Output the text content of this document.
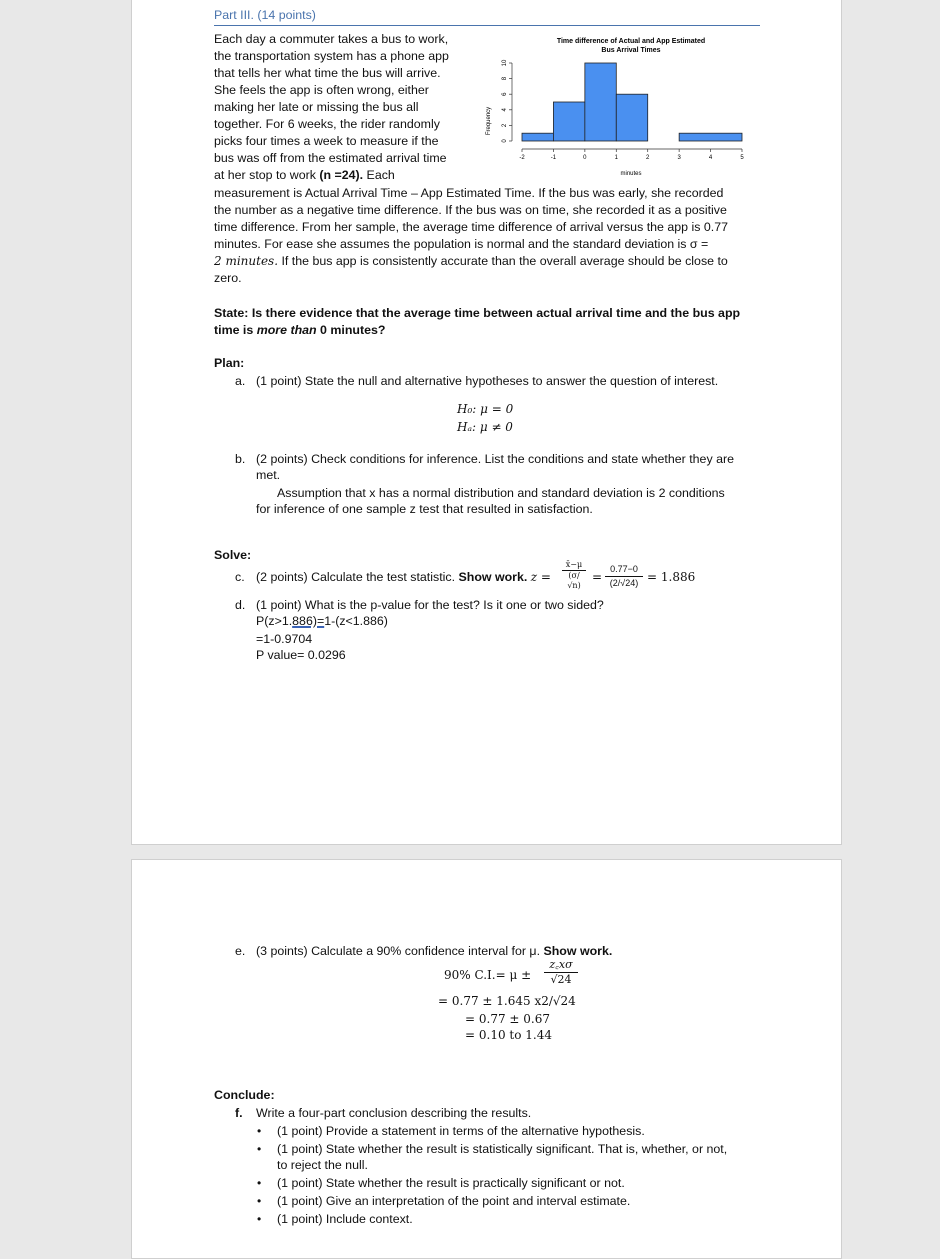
Part III. (14 points)
Each day a commuter takes a bus to work,
the transportation system has a phone app
that tells her what time the bus will arrive.
She feels the app is often wrong, either
making her late or missing the bus all
together. For 6 weeks, the rider randomly
picks four times a week to measure if the
bus was off from the estimated arrival time
at her stop to work (n =24). Each
measurement is Actual Arrival Time – App Estimated Time. If the bus was early, she recorded
the number as a negative time difference. If the bus was on time, she recorded it as a positive
time difference. From her sample, the average time difference of arrival versus the app is 0.77
minutes. For ease she assumes the population is normal and the standard deviation is σ =
2 minutes. If the bus app is consistently accurate than the overall average should be close to
zero.
Time difference of Actual and App Estimated
Bus Arrival Times
Frequency
minutes
0
2
4
6
8
10
-2	-1	0	1	2	3	4	5
State: Is there evidence that the average time between actual arrival time and the bus app
time is more than 0 minutes?
Plan:
a. (1 point) State the null and alternative hypotheses to answer the question of interest.
H₀: μ = 0
Hₐ: μ ≠ 0
b. (2 points) Check conditions for inference. List the conditions and state whether they are
met.
Assumption that x has a normal distribution and standard deviation is 2 conditions
for inference of one sample z test that resulted in satisfaction.
Solve:
c. (2 points) Calculate the test statistic. Show work. z =
x̄−μ
(σ/√n)
=
0.77−0
(2/√24) = 1.886
d. (1 point) What is the p-value for the test? Is it one or two sided?
P(z>1.886)=1-(z<1.886)
=1-0.9704
P value= 0.0296
e. (3 points) Calculate a 90% confidence interval for μ. Show work.
90% C.I.= μ ±
z꜀xσ
√24
= 0.77 ± 1.645 x2/√24
= 0.77 ± 0.67
= 0.10 to 1.44
Conclude:
f. Write a four-part conclusion describing the results.
• (1 point) Provide a statement in terms of the alternative hypothesis.
• (1 point) State whether the result is statistically significant. That is, whether, or not,
to reject the null.
• (1 point) State whether the result is practically significant or not.
• (1 point) Give an interpretation of the point and interval estimate.
• (1 point) Include context.
